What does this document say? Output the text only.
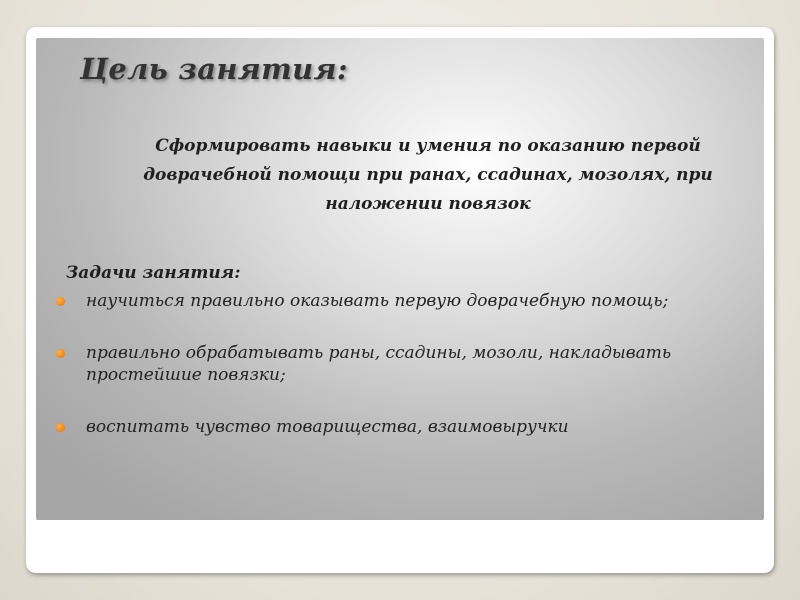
Цель занятия:

Сформировать навыки и умения по оказанию первой доврачебной помощи при ранах, ссадинах, мозолях, при наложении повязок

Задачи занятия:

научиться правильно оказывать первую доврачебную помощь;
правильно обрабатывать раны, ссадины, мозоли, накладывать простейшие повязки;
воспитать чувство товарищества, взаимовыручки
